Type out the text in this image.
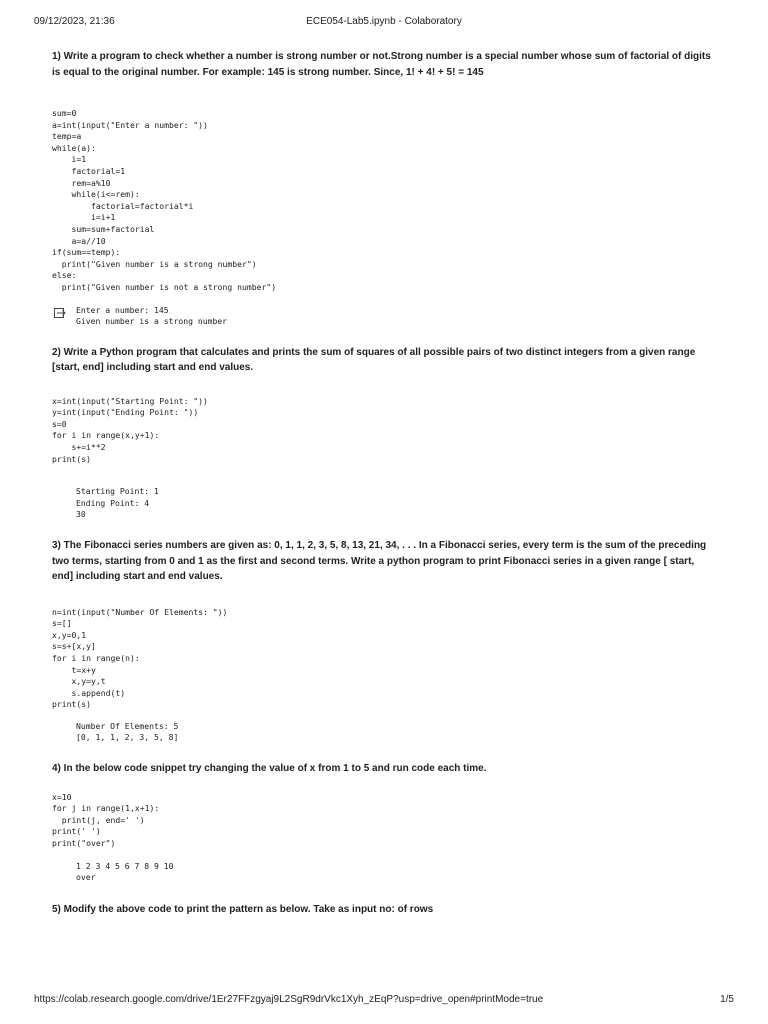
09/12/2023, 21:36	ECE054-Lab5.ipynb - Colaboratory

1) Write a program to check whether a number is strong number or not.Strong number is a special number whose sum of factorial of digits is equal to the original number. For example: 145 is strong number. Since, 1! + 4! + 5! = 145

sum=0
a=int(input("Enter a number: "))
temp=a
while(a):
i=1
factorial=1
rem=a%10
while(i<=rem):
factorial=factorial*i
i=i+1
sum=sum+factorial
a=a//10
if(sum==temp):
print("Given number is a strong number")
else:
print("Given number is not a strong number")
Enter a number: 145
Given number is a strong number

2) Write a Python program that calculates and prints the sum of squares of all possible pairs of two distinct integers from a given range [start, end] including start and end values.

x=int(input("Starting Point: "))
y=int(input("Ending Point: "))
s=0
for i in range(x,y+1):
s+=i**2
print(s)
Starting Point: 1
Ending Point: 4
30

3) The Fibonacci series numbers are given as: 0, 1, 1, 2, 3, 5, 8, 13, 21, 34, . . . In a Fibonacci series, every term is the sum of the preceding two terms, starting from 0 and 1 as the first and second terms. Write a python program to print Fibonacci series in a given range [ start, end] including start and end values.

n=int(input("Number Of Elements: "))
s=[]
x,y=0,1
s=s+[x,y]
for i in range(n):
t=x+y
x,y=y,t
s.append(t)
print(s)
Number Of Elements: 5
[0, 1, 1, 2, 3, 5, 8]

4) In the below code snippet try changing the value of x from 1 to 5 and run code each time.

x=10
for j in range(1,x+1):
print(j, end=' ')
print(' ')
print("over")
1 2 3 4 5 6 7 8 9 10
over

5) Modify the above code to print the pattern as below. Take as input no: of rows

https://colab.research.google.com/drive/1Er27FFzgyaj9L2SgR9drVkc1Xyh_zEqP?usp=drive_open#printMode=true	1/5
